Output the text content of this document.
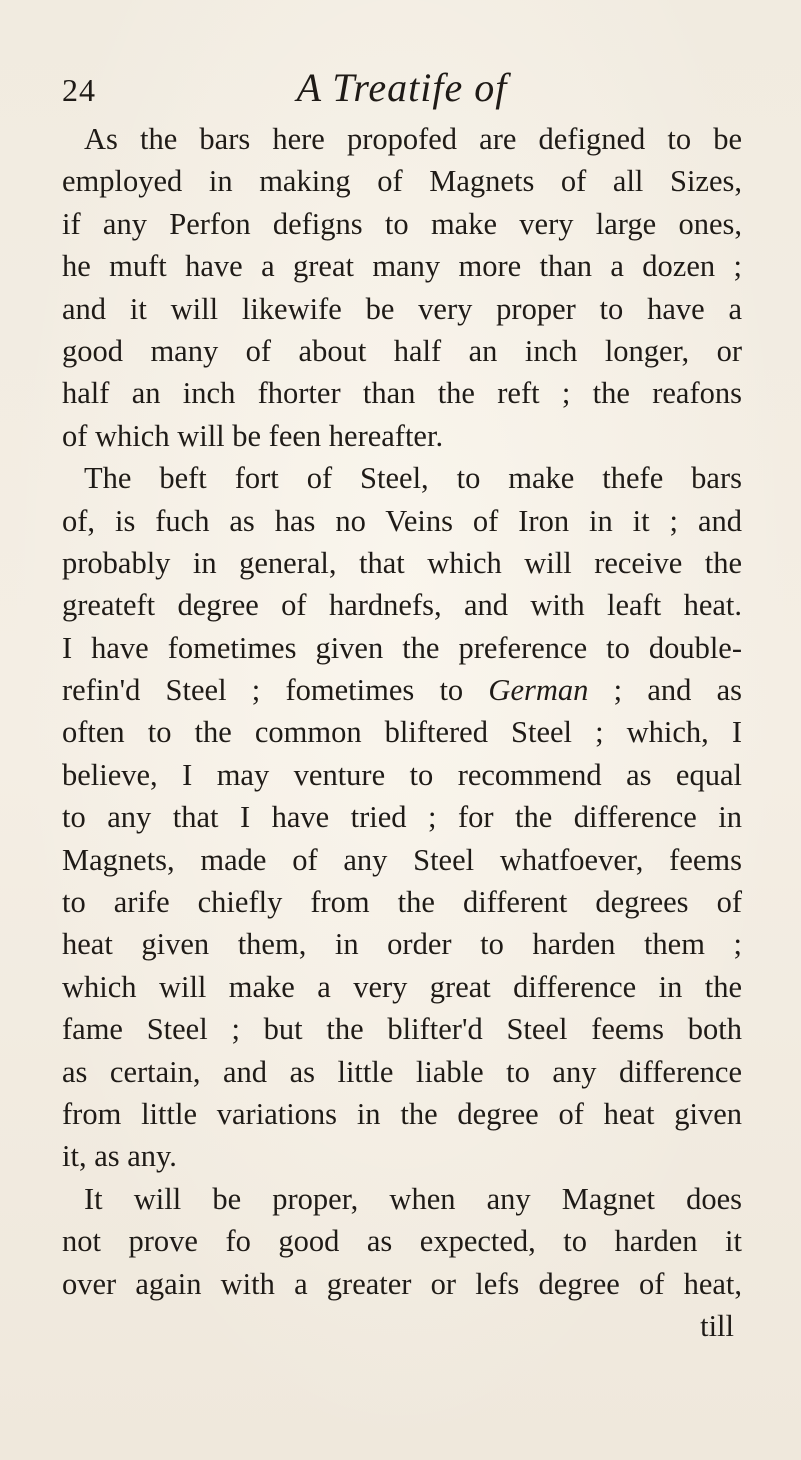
24	A Treatife of
As the bars here propofed are defigned to be
employed in making of Magnets of all Sizes,
if any Perfon defigns to make very large ones,
he muft have a great many more than a dozen ;
and it will likewife be very proper to have a
good many of about half an inch longer, or
half an inch fhorter than the reft ; the reafons
of which will be feen hereafter.
The beft fort of Steel, to make thefe bars
of, is fuch as has no Veins of Iron in it ; and
probably in general, that which will receive the
greateft degree of hardnefs, and with leaft heat.
I have fometimes given the preference to double-
refin'd Steel ; fometimes to German ; and as
often to the common bliftered Steel ; which, I
believe, I may venture to recommend as equal
to any that I have tried ; for the difference in
Magnets, made of any Steel whatfoever, feems
to arife chiefly from the different degrees of
heat given them, in order to harden them ;
which will make a very great difference in the
fame Steel ; but the blifter'd Steel feems both
as certain, and as little liable to any difference
from little variations in the degree of heat given
it, as any.
It will be proper, when any Magnet does
not prove fo good as expected, to harden it
over again with a greater or lefs degree of heat,
till
